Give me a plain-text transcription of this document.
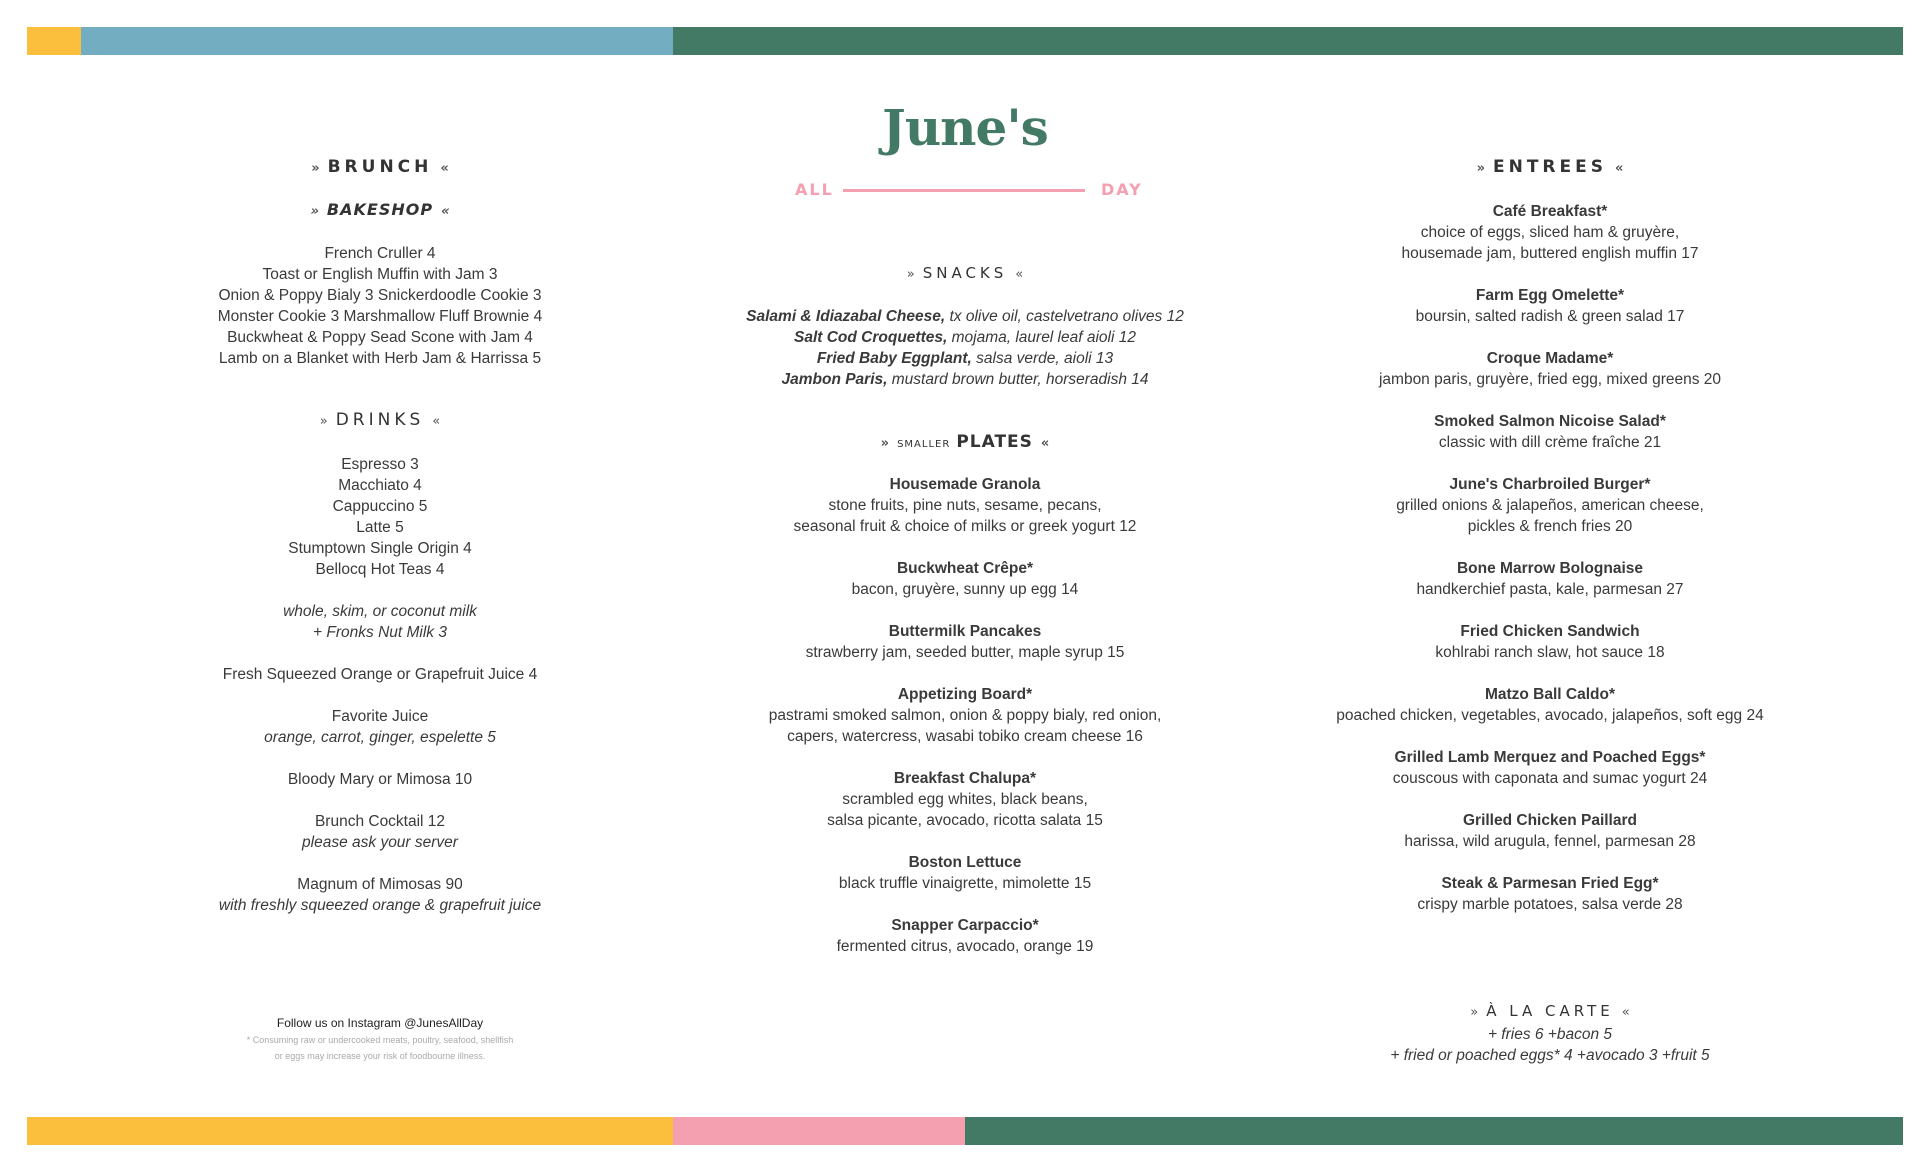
June's
ALL	DAY
» BRUNCH «
» BAKESHOP «
French Cruller 4
Toast or English Muffin with Jam 3
Onion & Poppy Bialy 3 Snickerdoodle Cookie 3
Monster Cookie 3 Marshmallow Fluff Brownie 4
Buckwheat & Poppy Sead Scone with Jam 4
Lamb on a Blanket with Herb Jam & Harrissa 5
» DRINKS «
Espresso 3
Macchiato 4
Cappuccino 5
Latte 5
Stumptown Single Origin 4
Bellocq Hot Teas 4
whole, skim, or coconut milk
+ Fronks Nut Milk 3
Fresh Squeezed Orange or Grapefruit Juice 4
Favorite Juice
orange, carrot, ginger, espelette 5
Bloody Mary or Mimosa 10
Brunch Cocktail 12
please ask your server
Magnum of Mimosas 90
with freshly squeezed orange & grapefruit juice
Follow us on Instagram @JunesAllDay
* Consuming raw or undercooked meats, poultry, seafood, shellfish
or eggs may increase your risk of foodbourne illness.
» SNACKS «
Salami & Idiazabal Cheese, tx olive oil, castelvetrano olives 12
Salt Cod Croquettes, mojama, laurel leaf aioli 12
Fried Baby Eggplant, salsa verde, aioli 13
Jambon Paris, mustard brown butter, horseradish 14
» SMALLER PLATES «
Housemade Granola
stone fruits, pine nuts, sesame, pecans,
seasonal fruit & choice of milks or greek yogurt 12
Buckwheat Crêpe*
bacon, gruyère, sunny up egg 14
Buttermilk Pancakes
strawberry jam, seeded butter, maple syrup 15
Appetizing Board*
pastrami smoked salmon, onion & poppy bialy, red onion,
capers, watercress, wasabi tobiko cream cheese 16
Breakfast Chalupa*
scrambled egg whites, black beans,
salsa picante, avocado, ricotta salata 15
Boston Lettuce
black truffle vinaigrette, mimolette 15
Snapper Carpaccio*
fermented citrus, avocado, orange 19
» ENTREES «
Café Breakfast*
choice of eggs, sliced ham & gruyère,
housemade jam, buttered english muffin 17
Farm Egg Omelette*
boursin, salted radish & green salad 17
Croque Madame*
jambon paris, gruyère, fried egg, mixed greens 20
Smoked Salmon Nicoise Salad*
classic with dill crème fraîche 21
June's Charbroiled Burger*
grilled onions & jalapeños, american cheese,
pickles & french fries 20
Bone Marrow Bolognaise
handkerchief pasta, kale, parmesan 27
Fried Chicken Sandwich
kohlrabi ranch slaw, hot sauce 18
Matzo Ball Caldo*
poached chicken, vegetables, avocado, jalapeños, soft egg 24
Grilled Lamb Merquez and Poached Eggs*
couscous with caponata and sumac yogurt 24
Grilled Chicken Paillard
harissa, wild arugula, fennel, parmesan 28
Steak & Parmesan Fried Egg*
crispy marble potatoes, salsa verde 28
» À LA CARTE «
+ fries 6 +bacon 5
+ fried or poached eggs* 4 +avocado 3 +fruit 5
